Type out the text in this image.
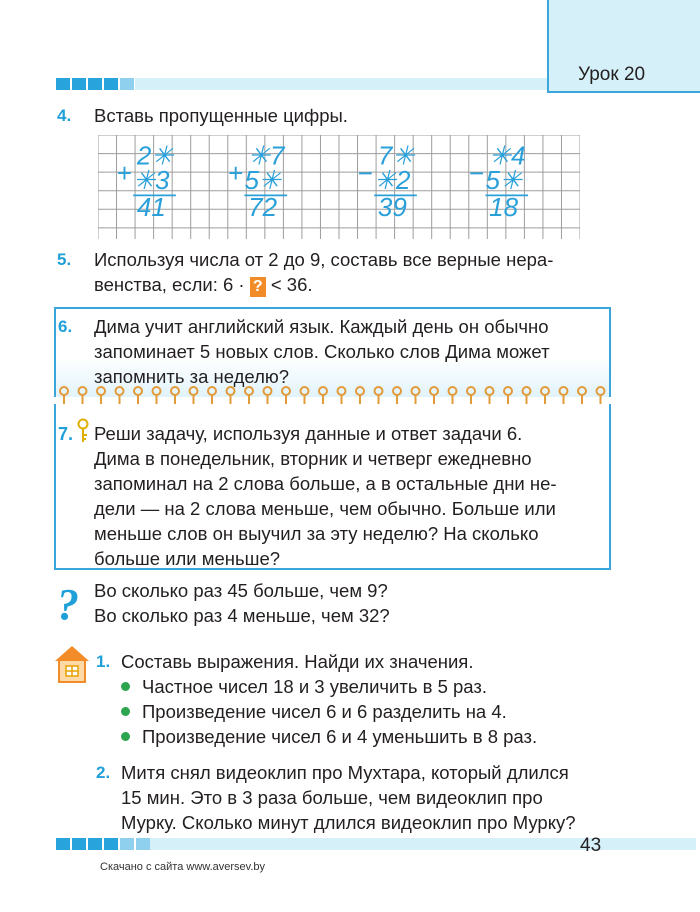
Урок 20
4. Вставь пропущенные цифры.
+
2✳
✳3
41
+
✳7
5✳
72
−
7✳
✳2
39
−
✳4
5✳
18
5. Используя числа от 2 до 9, составь все верные нера-
венства, если: 6 · ? < 36.
6. Дима учит английский язык. Каждый день он обычно
запоминает 5 новых слов. Сколько слов Дима может
запомнить за неделю?
7. Реши задачу, используя данные и ответ задачи 6.
Дима в понедельник, вторник и четверг ежедневно
запоминал на 2 слова больше, а в остальные дни не-
дели — на 2 слова меньше, чем обычно. Больше или
меньше слов он выучил за эту неделю? На сколько
больше или меньше?
? Во сколько раз 45 больше, чем 9?
Во сколько раз 4 меньше, чем 32?
1. Составь выражения. Найди их значения.
Частное чисел 18 и 3 увеличить в 5 раз.
Произведение чисел 6 и 6 разделить на 4.
Произведение чисел 6 и 4 уменьшить в 8 раз.
2. Митя снял видеоклип про Мухтара, который длился
15 мин. Это в 3 раза больше, чем видеоклип про
Мурку. Сколько минут длился видеоклип про Мурку?
43
Скачано с сайта www.aversev.by
